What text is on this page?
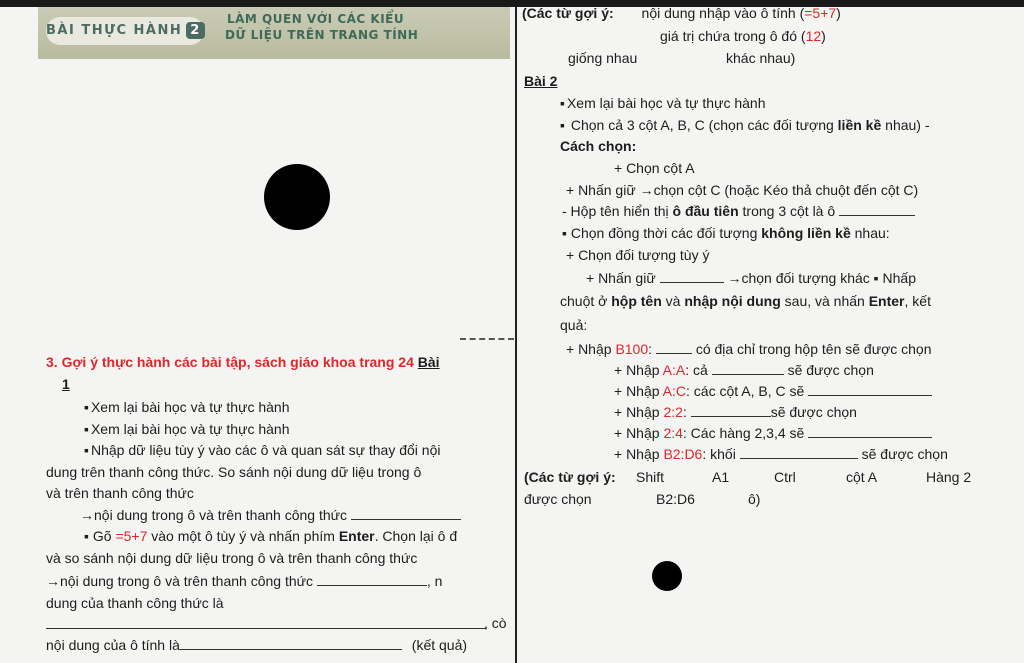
BÀI THỰC HÀNH 2
LÀM QUEN VỚI CÁC KIỂU
DỮ LIỆU TRÊN TRANG TÍNH
3. Gợi ý thực hành các bài tập, sách giáo khoa trang 24 Bài
1
▪ Xem lại bài học và tự thực hành
▪ Xem lại bài học và tự thực hành
▪ Nhập dữ liệu tùy ý vào các ô và quan sát sự thay đổi nội
dung trên thanh công thức. So sánh nội dung dữ liệu trong ô
và trên thanh công thức
→nội dung trong ô và trên thanh công thức
▪ Gõ =5+7 vào một ô tùy ý và nhấn phím Enter. Chọn lại ô đ
và so sánh nội dung dữ liệu trong ô và trên thanh công thức
→nội dung trong ô và trên thanh công thức	, n
dung của thanh công thức là
, cò
nội dung của ô tính là	(kết quả)
(Các từ gợi ý: nội dung nhập vào ô tính (=5+7)
giá trị chứa trong ô đó (12)
giống nhau	khác nhau)
Bài 2
▪ Xem lại bài học và tự thực hành
▪ Chọn cả 3 cột A, B, C (chọn các đối tượng liền kề nhau) -
Cách chọn:
+ Chọn cột A
+ Nhấn giữ →chọn cột C (hoặc Kéo thả chuột đến cột C)
- Hộp tên hiển thị ô đầu tiên trong 3 cột là ô
▪ Chọn đồng thời các đối tượng không liền kề nhau:
+ Chọn đối tượng tùy ý
+ Nhấn giữ	→chọn đối tượng khác ▪ Nhấp
chuột ở hộp tên và nhập nội dung sau, và nhấn Enter, kết
quả:
+ Nhập B100:	có địa chỉ trong hộp tên sẽ được chọn
+ Nhập A:A: cả	sẽ được chọn
+ Nhập A:C: các cột A, B, C sẽ
+ Nhập 2:2:	sẽ được chọn
+ Nhập 2:4: Các hàng 2,3,4 sẽ
+ Nhập B2:D6: khối	sẽ được chọn
(Các từ gợi ý: Shift	A1	Ctrl	cột A	Hàng 2
được chọn	B2:D6	ô)
